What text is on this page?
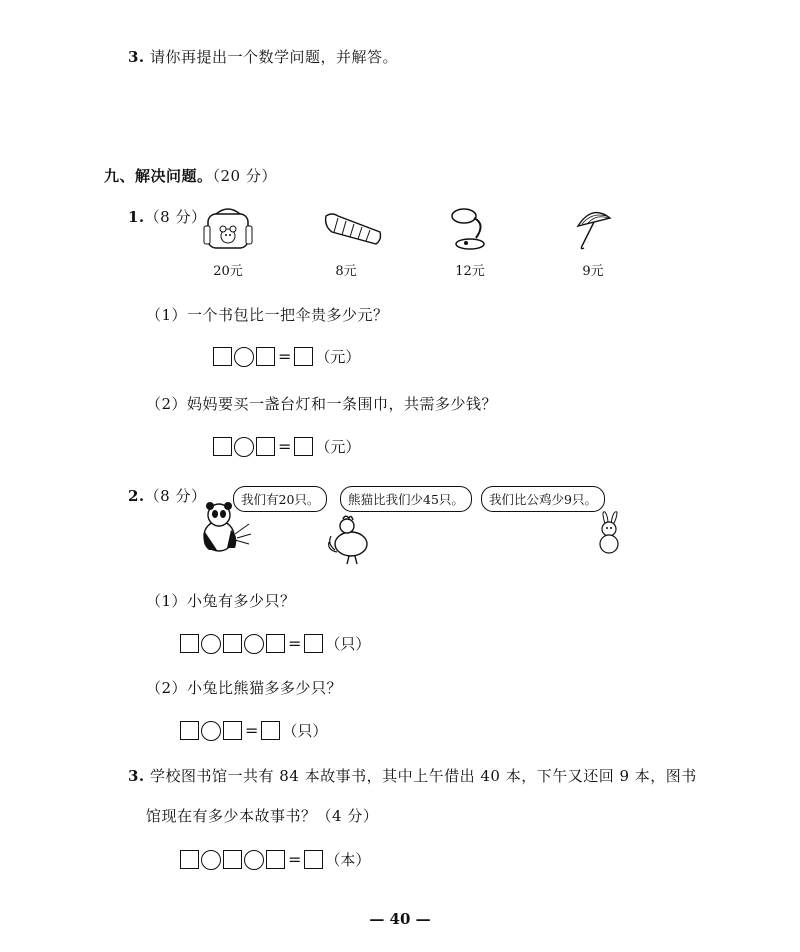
3. 请你再提出一个数学问题，并解答。
九、解决问题。（20 分）
1.（8 分）
20元	8元	12元	9元
（1）一个书包比一把伞贵多少元？
= （元）
（2）妈妈要买一盏台灯和一条围巾，共需多少钱？
= （元）
2.（8 分）	我们有20只。	熊猫比我们少45只。	我们比公鸡少9只。
（1）小兔有多少只？
= （只）
（2）小兔比熊猫多多少只？
= （只）
3. 学校图书馆一共有 84 本故事书，其中上午借出 40 本，下午又还回 9 本，图书
馆现在有多少本故事书？（4 分）
= （本）
— 40 —
